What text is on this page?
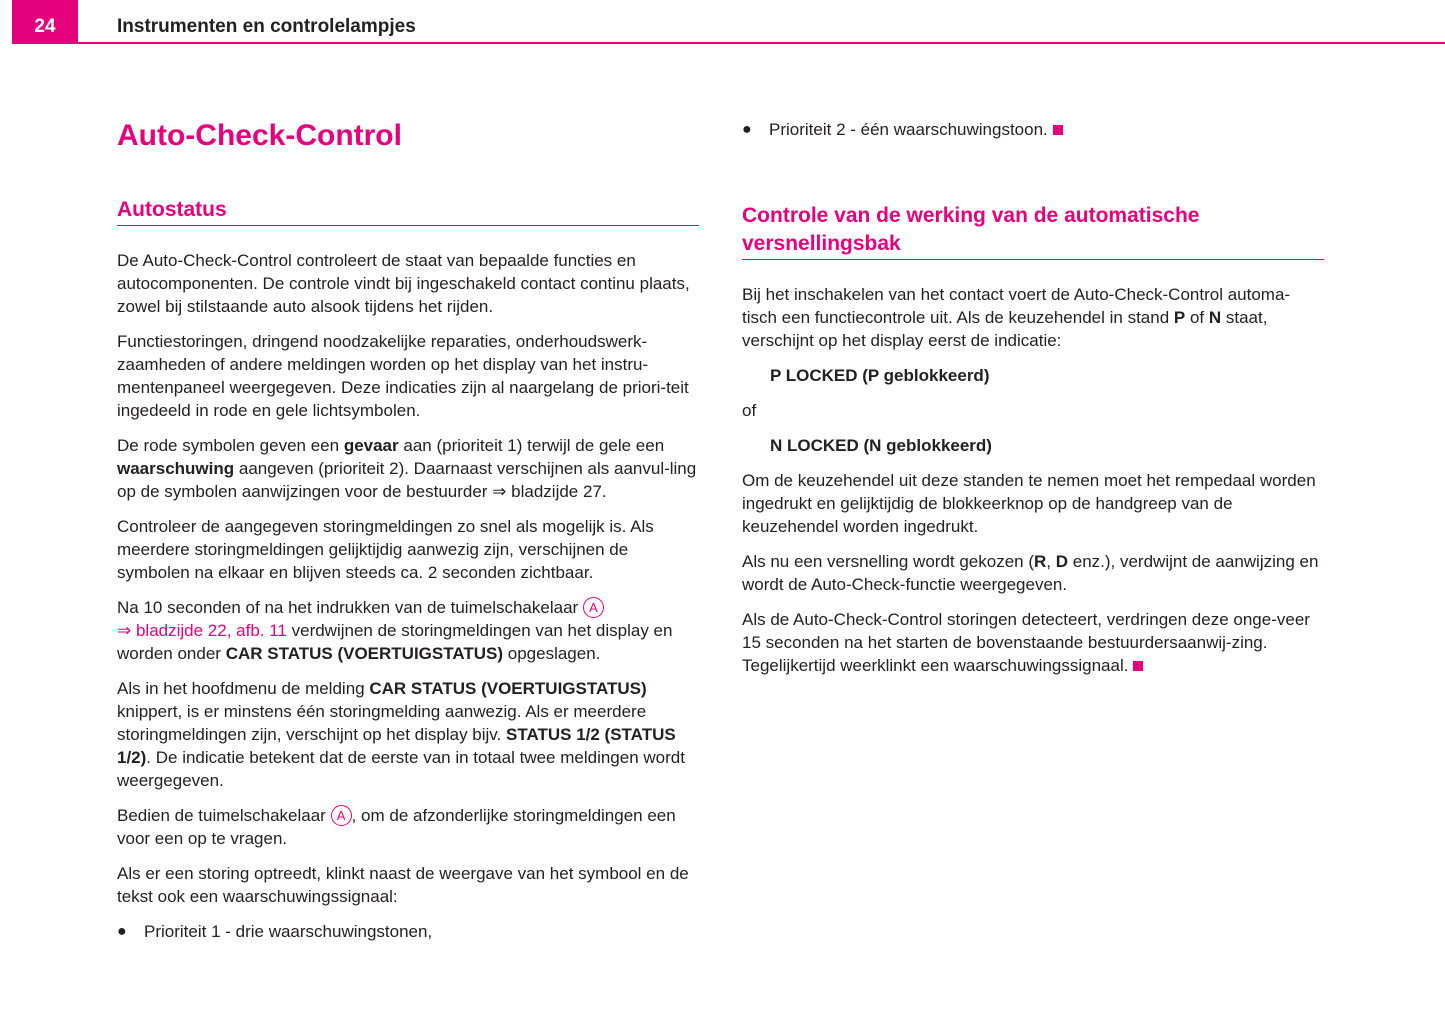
24	Instrumenten en controlelampjes
Auto-Check-Control
Autostatus

De Auto-Check-Control controleert de staat van bepaalde functies en autocomponenten. De controle vindt bij ingeschakeld contact continu plaats, zowel bij stilstaande auto alsook tijdens het rijden.

Functiestoringen, dringend noodzakelijke reparaties, onderhoudswerk-zaamheden of andere meldingen worden op het display van het instru-mentenpaneel weergegeven. Deze indicaties zijn al naargelang de priori-teit ingedeeld in rode en gele lichtsymbolen.

De rode symbolen geven een gevaar aan (prioriteit 1) terwijl de gele een waarschuwing aangeven (prioriteit 2). Daarnaast verschijnen als aanvul-ling op de symbolen aanwijzingen voor de bestuurder ⇒ bladzijde 27.

Controleer de aangegeven storingmeldingen zo snel als mogelijk is. Als meerdere storingmeldingen gelijktijdig aanwezig zijn, verschijnen de symbolen na elkaar en blijven steeds ca. 2 seconden zichtbaar.

Na 10 seconden of na het indrukken van de tuimelschakelaar A
⇒ bladzijde 22, afb. 11 verdwijnen de storingmeldingen van het display en worden onder CAR STATUS (VOERTUIGSTATUS) opgeslagen.

Als in het hoofdmenu de melding CAR STATUS (VOERTUIGSTATUS) knippert, is er minstens één storingmelding aanwezig. Als er meerdere storingmeldingen zijn, verschijnt op het display bijv. STATUS 1/2 (STATUS 1/2). De indicatie betekent dat de eerste van in totaal twee meldingen wordt weergegeven.

Bedien de tuimelschakelaar A , om de afzonderlijke storingmeldingen een voor een op te vragen.

Als er een storing optreedt, klinkt naast de weergave van het symbool en de tekst ook een waarschuwingssignaal:

● Prioriteit 1 - drie waarschuwingstonen,
● Prioriteit 2 - één waarschuwingstoon.
Controle van de werking van de automatische versnellingsbak

Bij het inschakelen van het contact voert de Auto-Check-Control automa-tisch een functiecontrole uit. Als de keuzehendel in stand P of N staat, verschijnt op het display eerst de indicatie:

P LOCKED (P geblokkeerd)

of

N LOCKED (N geblokkeerd)

Om de keuzehendel uit deze standen te nemen moet het rempedaal worden ingedrukt en gelijktijdig de blokkeerknop op de handgreep van de keuzehendel worden ingedrukt.

Als nu een versnelling wordt gekozen (R, D enz.), verdwijnt de aanwijzing en wordt de Auto-Check-functie weergegeven.

Als de Auto-Check-Control storingen detecteert, verdringen deze onge-veer 15 seconden na het starten de bovenstaande bestuurdersaanwij-zing. Tegelijkertijd weerklinkt een waarschuwingssignaal.
